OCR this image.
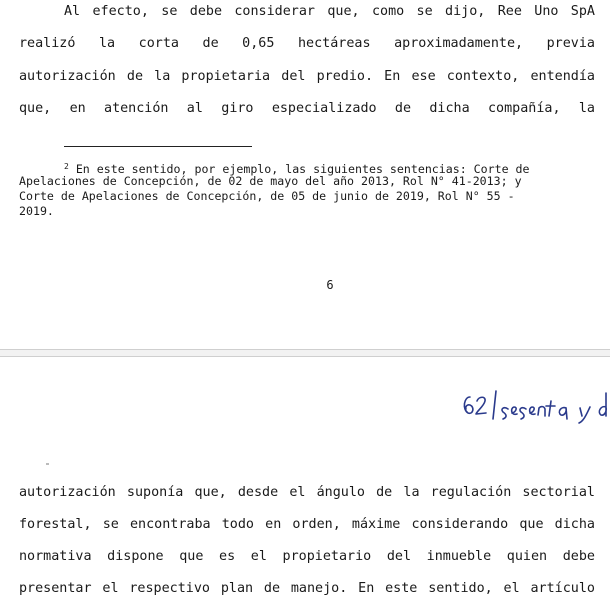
Al efecto, se debe considerar que, como se dijo, Ree Uno SpA
realizó la corta de 0,65 hectáreas aproximadamente, previa
autorización de la propietaria del predio. En ese contexto, entendía
que, en atención al giro especializado de dicha compañía, la
$^2$ En este sentido, por ejemplo, las siguientes sentencias: Corte de
Apelaciones de Concepción, de 02 de mayo del año 2013, Rol N° 41-2013; y
Corte de Apelaciones de Concepción, de 05 de junio de 2019, Rol N° 55 -
2019.
6
autorización suponía que, desde el ángulo de la regulación sectorial
forestal, se encontraba todo en orden, máxime considerando que dicha
normativa dispone que es el propietario del inmueble quien debe
presentar el respectivo plan de manejo. En este sentido, el artículo
